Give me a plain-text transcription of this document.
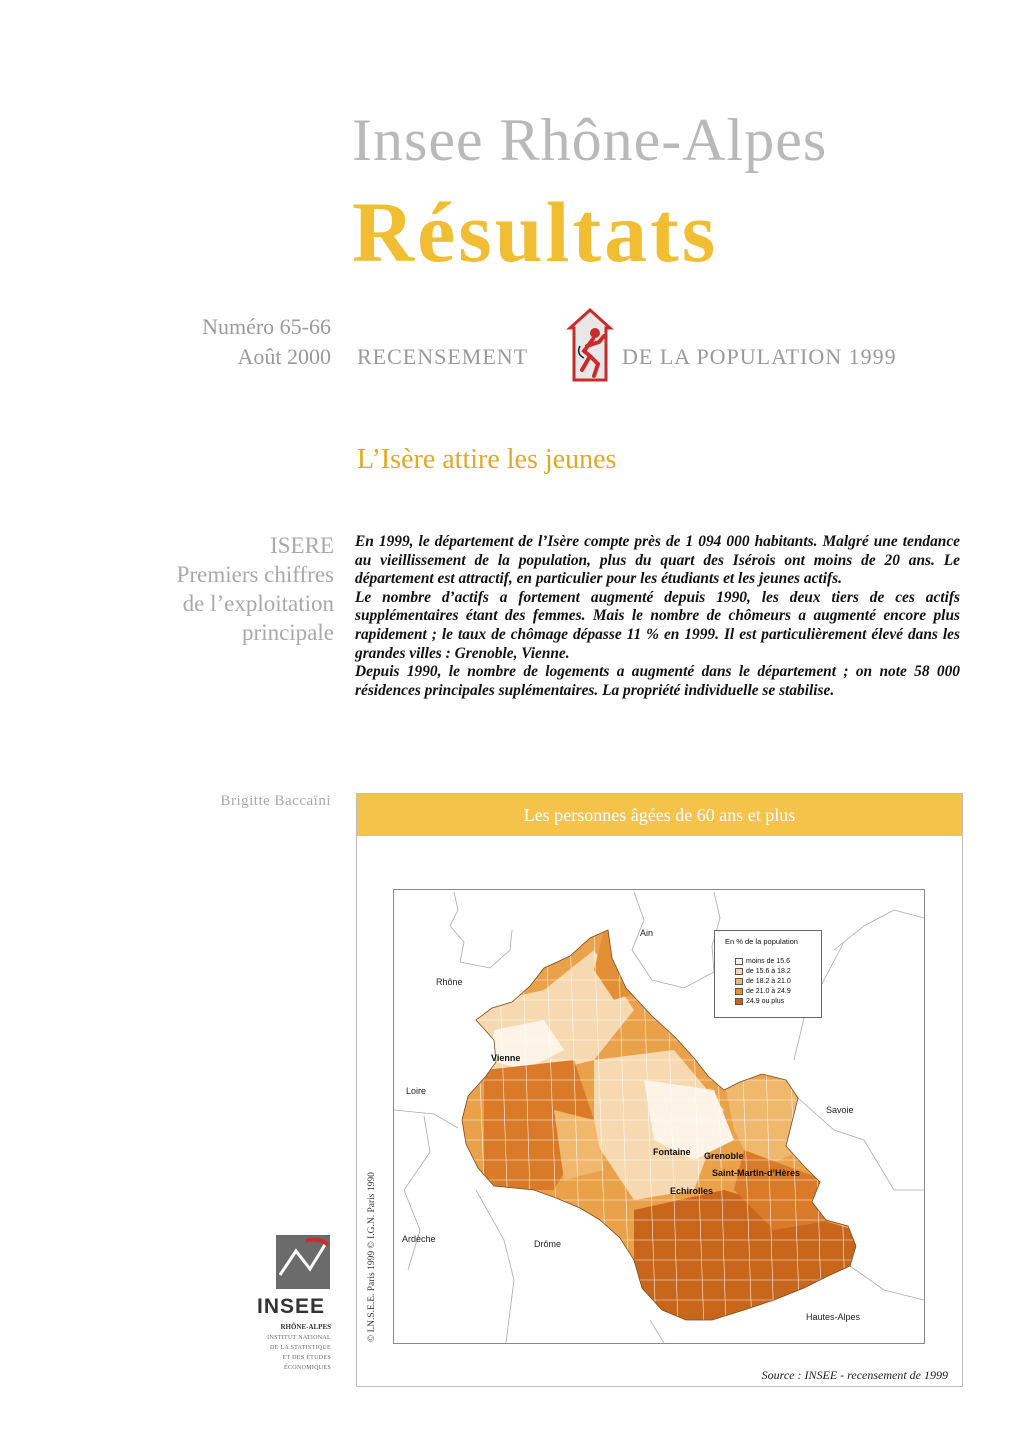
Insee Rhône-Alpes
Résultats
Numéro 65-66
Août 2000 RECENSEMENT	DE LA POPULATION 1999
L’Isère attire les jeunes
ISERE
Premiers chiffres
de l’exploitation
principale

En 1999, le département de l’Isère compte près de 1 094 000 habitants. Malgré une tendance au vieillissement de la population, plus du quart des Isérois ont moins de 20 ans. Le département est attractif, en particulier pour les étudiants et les jeunes actifs.

Le nombre d’actifs a fortement augmenté depuis 1990, les deux tiers de ces actifs supplémentaires étant des femmes. Mais le nombre de chômeurs a augmenté encore plus rapidement ; le taux de chômage dépasse 11 % en 1999. Il est particulièrement élevé dans les grandes villes : Grenoble, Vienne.

Depuis 1990, le nombre de logements a augmenté dans le département ; on note 58 000 résidences principales suplémentaires. La propriété individuelle se stabilise.

Brigitte Baccaïni
Les personnes âgées de 60 ans et plus
Ain
Rhône
Loire
Savoie
Ardèche	Drôme
Hautes-Alpes
Vienne
Fontaine Grenoble
Saint-Martin-d’Hères
Echirolles
En % de la population
moins de 15.6
de 15.6 à 18.2
de 18.2 à 21.0
de 21.0 à 24.9
24.9 ou plus
© I.N.S.E.E. Paris 1999 © I.G.N. Paris 1990
Source : INSEE - recensement de 1999
INSEE
RHÔNE-ALPES
INSTITUT NATIONAL
DE LA STATISTIQUE
ET DES ÉTUDES
ÉCONOMIQUES
